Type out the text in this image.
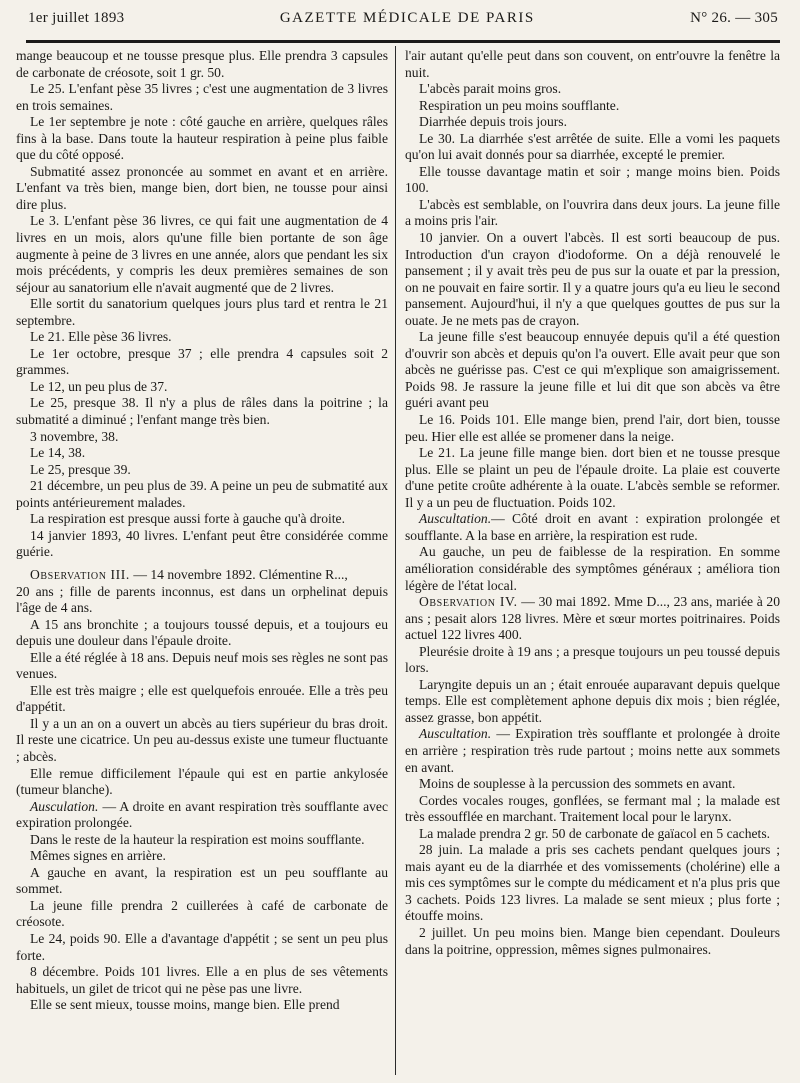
1er juillet 1893	GAZETTE MÉDICALE DE PARIS	N° 26. — 305

mange beaucoup et ne tousse presque plus. Elle prendra 3 capsules de carbonate de créosote, soit 1 gr. 50.

Le 25. L'enfant pèse 35 livres ; c'est une augmentation de 3 livres en trois semaines.

Le 1er septembre je note : côté gauche en arrière, quelques râles fins à la base. Dans toute la hauteur respiration à peine plus faible que du côté opposé.

Submatité assez prononcée au sommet en avant et en arrière. L'enfant va très bien, mange bien, dort bien, ne tousse pour ainsi dire plus.

Le 3. L'enfant pèse 36 livres, ce qui fait une augmentation de 4 livres en un mois, alors qu'une fille bien portante de son âge augmente à peine de 3 livres en une année, alors que pendant les six mois précédents, y compris les deux premières semaines de son séjour au sanatorium elle n'avait augmenté que de 2 livres.

Elle sortit du sanatorium quelques jours plus tard et rentra le 21 septembre.

Le 21. Elle pèse 36 livres.

Le 1er octobre, presque 37 ; elle prendra 4 capsules soit 2 grammes.

Le 12, un peu plus de 37.

Le 25, presque 38. Il n'y a plus de râles dans la poitrine ; la submatité a diminué ; l'enfant mange très bien.

3 novembre, 38.

Le 14, 38.

Le 25, presque 39.

21 décembre, un peu plus de 39. A peine un peu de submatité aux points antérieurement malades.

La respiration est presque aussi forte à gauche qu'à droite.

14 janvier 1893, 40 livres. L'enfant peut être considérée comme guérie.

Observation III. — 14 novembre 1892. Clémentine R...,

20 ans ; fille de parents inconnus, est dans un orphelinat depuis l'âge de 4 ans.

A 15 ans bronchite ; a toujours toussé depuis, et a toujours eu depuis une douleur dans l'épaule droite.

Elle a été réglée à 18 ans. Depuis neuf mois ses règles ne sont pas venues.

Elle est très maigre ; elle est quelquefois enrouée. Elle a très peu d'appétit.

Il y a un an on a ouvert un abcès au tiers supérieur du bras droit. Il reste une cicatrice. Un peu au-dessus existe une tumeur fluctuante ; abcès.

Elle remue difficilement l'épaule qui est en partie ankylosée (tumeur blanche).

Ausculation. — A droite en avant respiration très soufflante avec expiration prolongée.

Dans le reste de la hauteur la respiration est moins soufflante.

Mêmes signes en arrière.

A gauche en avant, la respiration est un peu soufflante au sommet.

La jeune fille prendra 2 cuillerées à café de carbonate de créosote.

Le 24, poids 90. Elle a d'avantage d'appétit ; se sent un peu plus forte.

8 décembre. Poids 101 livres. Elle a en plus de ses vêtements habituels, un gilet de tricot qui ne pèse pas une livre.

Elle se sent mieux, tousse moins, mange bien. Elle prend

l'air autant qu'elle peut dans son couvent, on entr'ouvre la fenêtre la nuit.

L'abcès parait moins gros.

Respiration un peu moins soufflante.

Diarrhée depuis trois jours.

Le 30. La diarrhée s'est arrêtée de suite. Elle a vomi les paquets qu'on lui avait donnés pour sa diarrhée, excepté le premier.

Elle tousse davantage matin et soir ; mange moins bien. Poids 100.

L'abcès est semblable, on l'ouvrira dans deux jours. La jeune fille a moins pris l'air.

10 janvier. On a ouvert l'abcès. Il est sorti beaucoup de pus. Introduction d'un crayon d'iodoforme. On a déjà renouvelé le pansement ; il y avait très peu de pus sur la ouate et par la pression, on ne pouvait en faire sortir. Il y a quatre jours qu'a eu lieu le second pansement. Aujourd'hui, il n'y a que quelques gouttes de pus sur la ouate. Je ne mets pas de crayon.

La jeune fille s'est beaucoup ennuyée depuis qu'il a été question d'ouvrir son abcès et depuis qu'on l'a ouvert. Elle avait peur que son abcès ne guérisse pas. C'est ce qui m'explique son amaigrissement. Poids 98. Je rassure la jeune fille et lui dit que son abcès va être guéri avant peu

Le 16. Poids 101. Elle mange bien, prend l'air, dort bien, tousse peu. Hier elle est allée se promener dans la neige.

Le 21. La jeune fille mange bien. dort bien et ne tousse presque plus. Elle se plaint un peu de l'épaule droite. La plaie est couverte d'une petite croûte adhérente à la ouate. L'abcès semble se reformer. Il y a un peu de fluctuation. Poids 102.

Auscultation.— Côté droit en avant : expiration prolongée et soufflante. A la base en arrière, la respiration est rude.

Au gauche, un peu de faiblesse de la respiration. En somme amélioration considérable des symptômes généraux ; améliora tion légère de l'état local.

Observation IV. — 30 mai 1892. Mme D..., 23 ans, mariée à 20 ans ; pesait alors 128 livres. Mère et sœur mortes poitrinaires. Poids actuel 122 livres 400.

Pleurésie droite à 19 ans ; a presque toujours un peu toussé depuis lors.

Laryngite depuis un an ; était enrouée auparavant depuis quelque temps. Elle est complètement aphone depuis dix mois ; bien réglée, assez grasse, bon appétit.

Auscultation. — Expiration très soufflante et prolongée à droite en arrière ; respiration très rude partout ; moins nette aux sommets en avant.

Moins de souplesse à la percussion des sommets en avant.

Cordes vocales rouges, gonflées, se fermant mal ; la malade est très essoufflée en marchant. Traitement local pour le larynx.

La malade prendra 2 gr. 50 de carbonate de gaïacol en 5 cachets.

28 juin. La malade a pris ses cachets pendant quelques jours ; mais ayant eu de la diarrhée et des vomissements (cholérine) elle a mis ces symptômes sur le compte du médicament et n'a plus pris que 3 cachets. Poids 123 livres. La malade se sent mieux ; plus forte ; étouffe moins.

2 juillet. Un peu moins bien. Mange bien cependant. Douleurs dans la poitrine, oppression, mêmes signes pulmonaires.
